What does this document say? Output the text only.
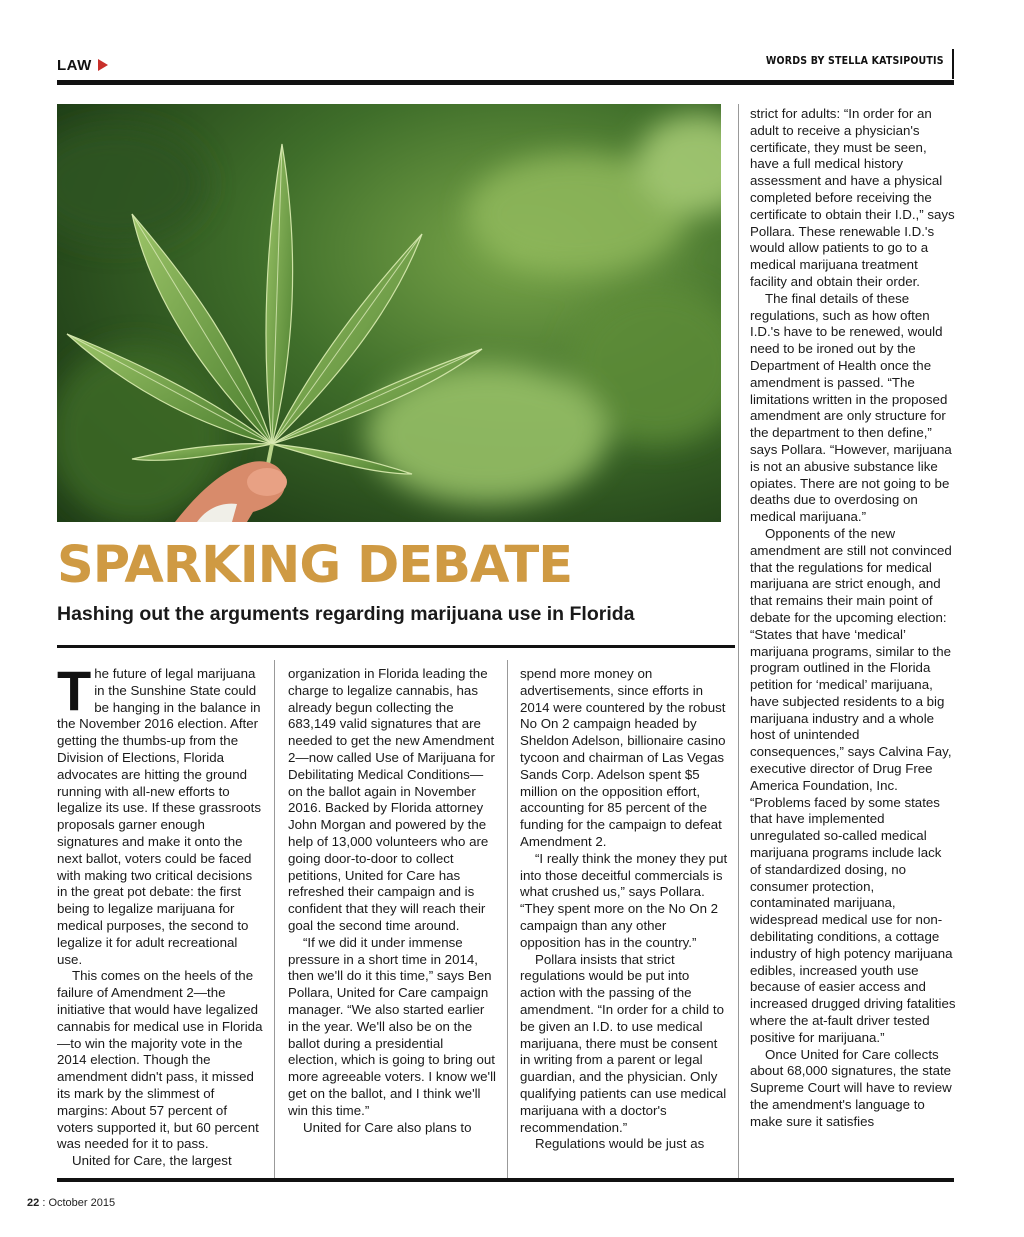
LAW	WORDS BY STELLA KATSIPOUTIS
SPARKING DEBATE
Hashing out the arguments regarding marijuana use in Florida

The future of legal marijuana in the Sunshine State could be hanging in the balance in the November 2016 election. After getting the thumbs-up from the Division of Elections, Florida advocates are hitting the ground running with all-new efforts to legalize its use. If these grassroots proposals garner enough signatures and make it onto the next ballot, voters could be faced with making two critical decisions in the great pot debate: the first being to legalize marijuana for medical purposes, the second to legalize it for adult recreational use.

This comes on the heels of the failure of Amendment 2—the initiative that would have legalized cannabis for medical use in Florida—to win the majority vote in the 2014 election. Though the amendment didn't pass, it missed its mark by the slimmest of margins: About 57 percent of voters supported it, but 60 percent was needed for it to pass.

United for Care, the largest

organization in Florida leading the charge to legalize cannabis, has already begun collecting the 683,149 valid signatures that are needed to get the new Amendment 2—now called Use of Marijuana for Debilitating Medical Conditions—on the ballot again in November 2016. Backed by Florida attorney John Morgan and powered by the help of 13,000 volunteers who are going door-to-door to collect petitions, United for Care has refreshed their campaign and is confident that they will reach their goal the second time around.

“If we did it under immense pressure in a short time in 2014, then we'll do it this time,” says Ben Pollara, United for Care campaign manager. “We also started earlier in the year. We'll also be on the ballot during a presidential election, which is going to bring out more agreeable voters. I know we'll get on the ballot, and I think we'll win this time.”

United for Care also plans to

spend more money on advertisements, since efforts in 2014 were countered by the robust No On 2 campaign headed by Sheldon Adelson, billionaire casino tycoon and chairman of Las Vegas Sands Corp. Adelson spent $5 million on the opposition effort, accounting for 85 percent of the funding for the campaign to defeat Amendment 2.

“I really think the money they put into those deceitful commercials is what crushed us,” says Pollara. “They spent more on the No On 2 campaign than any other opposition has in the country.”

Pollara insists that strict regulations would be put into action with the passing of the amendment. “In order for a child to be given an I.D. to use medical marijuana, there must be consent in writing from a parent or legal guardian, and the physician. Only qualifying patients can use medical marijuana with a doctor's recommendation.”

Regulations would be just as

strict for adults: “In order for an adult to receive a physician's certificate, they must be seen, have a full medical history assessment and have a physical completed before receiving the certificate to obtain their I.D.,” says Pollara. These renewable I.D.'s would allow patients to go to a medical marijuana treatment facility and obtain their order.

The final details of these regulations, such as how often I.D.'s have to be renewed, would need to be ironed out by the Department of Health once the amendment is passed. “The limitations written in the proposed amendment are only structure for the department to then define,” says Pollara. “However, marijuana is not an abusive substance like opiates. There are not going to be deaths due to overdosing on medical marijuana.”

Opponents of the new amendment are still not convinced that the regulations for medical marijuana are strict enough, and that remains their main point of debate for the upcoming election: “States that have ‘medical’ marijuana programs, similar to the program outlined in the Florida petition for ‘medical’ marijuana, have subjected residents to a big marijuana industry and a whole host of unintended consequences,” says Calvina Fay, executive director of Drug Free America Foundation, Inc. “Problems faced by some states that have implemented unregulated so-called medical marijuana programs include lack of standardized dosing, no consumer protection, contaminated marijuana, widespread medical use for non-debilitating conditions, a cottage industry of high potency marijuana edibles, increased youth use because of easier access and increased drugged driving fatalities where the at-fault driver tested positive for marijuana.”

Once United for Care collects about 68,000 signatures, the state Supreme Court will have to review the amendment's language to make sure it satisfies

22 : October 2015
